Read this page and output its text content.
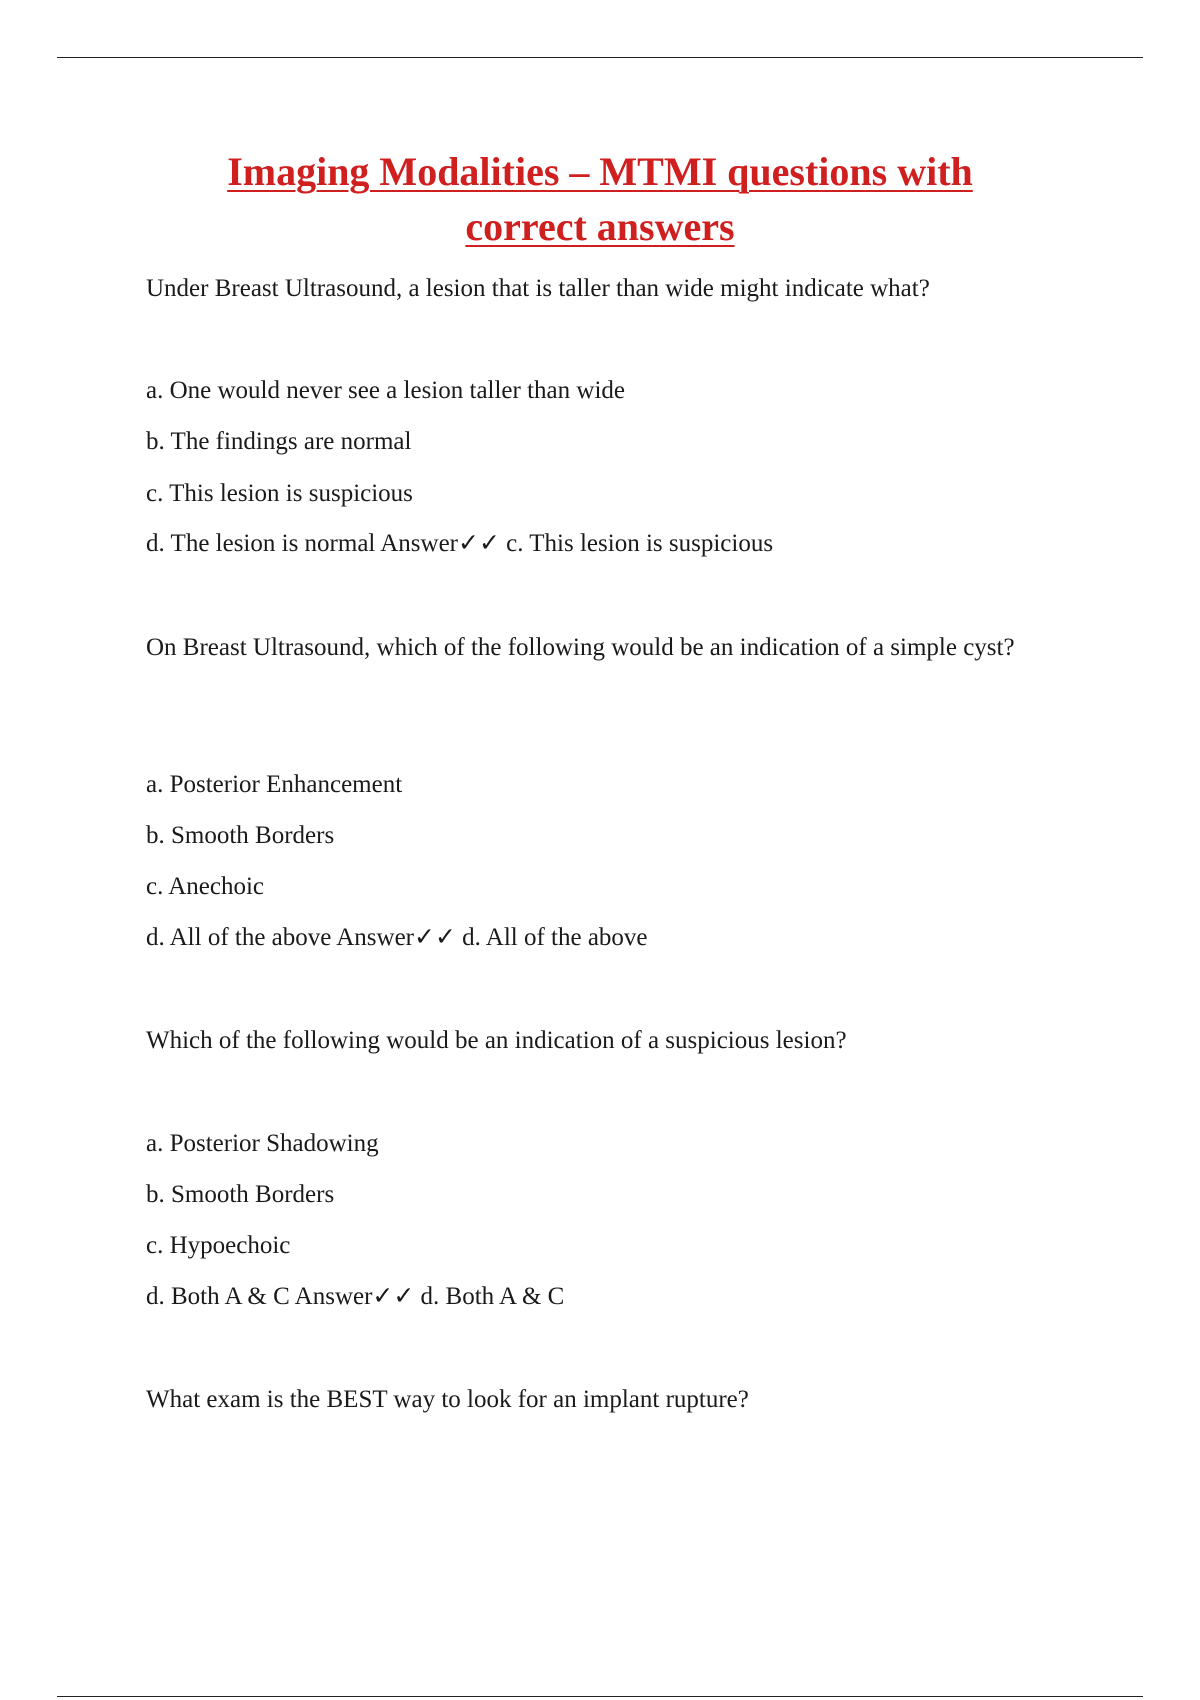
Imaging Modalities – MTMI questions with
correct answers
Under Breast Ultrasound, a lesion that is taller than wide might indicate what?
a. One would never see a lesion taller than wide
b. The findings are normal
c. This lesion is suspicious
d. The lesion is normal Answer✓✓ c. This lesion is suspicious

On Breast Ultrasound, which of the following would be an indication of a simple cyst?

a. Posterior Enhancement
b. Smooth Borders
c. Anechoic
d. All of the above Answer✓✓ d. All of the above
Which of the following would be an indication of a suspicious lesion?
a. Posterior Shadowing
b. Smooth Borders
c. Hypoechoic
d. Both A & C Answer✓✓ d. Both A & C
What exam is the BEST way to look for an implant rupture?
